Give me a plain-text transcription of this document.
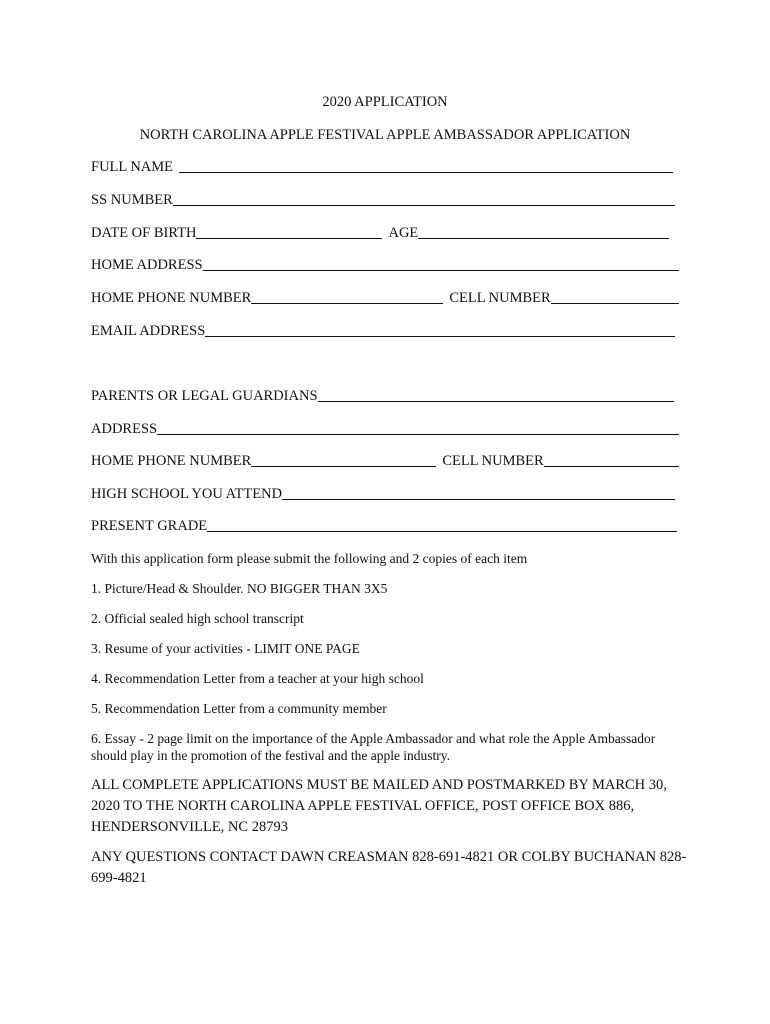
2020 APPLICATION
NORTH CAROLINA APPLE FESTIVAL APPLE AMBASSADOR APPLICATION
FULL NAME
SS NUMBER
DATE OF BIRTH	AGE
HOME ADDRESS
HOME PHONE NUMBER	CELL NUMBER
EMAIL ADDRESS
PARENTS OR LEGAL GUARDIANS
ADDRESS
HOME PHONE NUMBER	CELL NUMBER
HIGH SCHOOL YOU ATTEND
PRESENT GRADE
With this application form please submit the following and 2 copies of each item
1. Picture/Head & Shoulder. NO BIGGER THAN 3X5
2. Official sealed high school transcript
3. Resume of your activities - LIMIT ONE PAGE
4. Recommendation Letter from a teacher at your high school
5. Recommendation Letter from a community member
6. Essay - 2 page limit on the importance of the Apple Ambassador and what role the Apple Ambassador should play in the promotion of the festival and the apple industry.
ALL COMPLETE APPLICATIONS MUST BE MAILED AND POSTMARKED BY MARCH 30, 2020 TO THE NORTH CAROLINA APPLE FESTIVAL OFFICE, POST OFFICE BOX 886, HENDERSONVILLE, NC 28793
ANY QUESTIONS CONTACT DAWN CREASMAN 828-691-4821 OR COLBY BUCHANAN 828-699-4821
